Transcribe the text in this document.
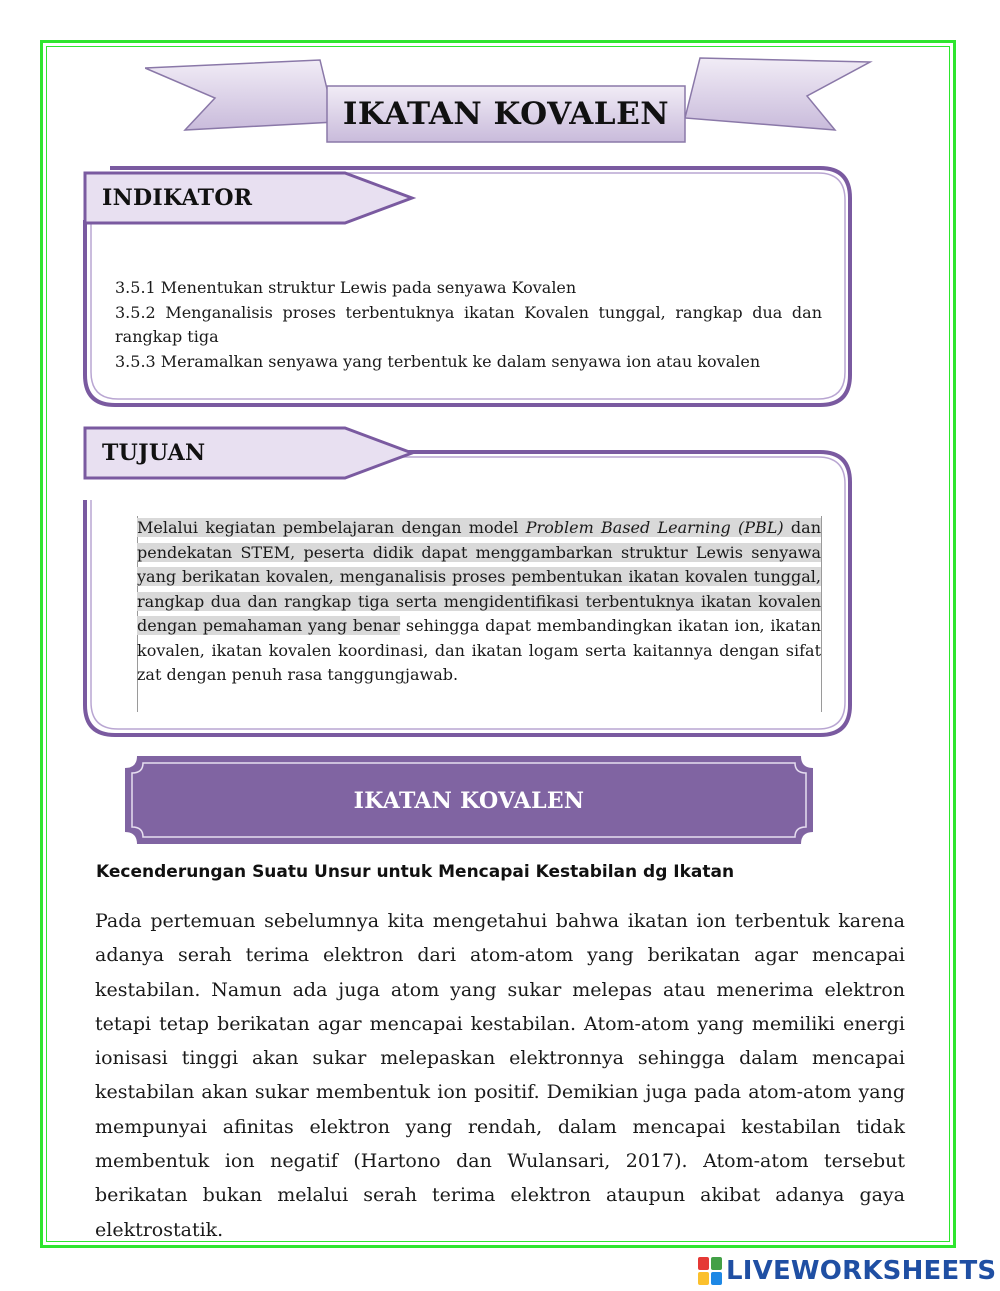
IKATAN KOVALEN
INDIKATOR
TUJUAN

3.5.1 Menentukan struktur Lewis pada senyawa Kovalen

3.5.2 Menganalisis proses terbentuknya ikatan Kovalen tunggal, rangkap dua dan rangkap tiga

3.5.3 Meramalkan senyawa yang terbentuk ke dalam senyawa ion atau kovalen

Melalui kegiatan pembelajaran dengan model Problem Based Learning (PBL) dan pendekatan STEM, peserta didik dapat menggambarkan struktur Lewis senyawa yang berikatan kovalen, menganalisis proses pembentukan ikatan kovalen tunggal, rangkap dua dan rangkap tiga serta mengidentifikasi terbentuknya ikatan kovalen dengan pemahaman yang benar sehingga dapat membandingkan ikatan ion, ikatan kovalen, ikatan kovalen koordinasi, dan ikatan logam serta kaitannya dengan sifat zat dengan penuh rasa tanggungjawab.
IKATAN KOVALEN
Kecenderungan Suatu Unsur untuk Mencapai Kestabilan dg Ikatan
Pada pertemuan sebelumnya kita mengetahui bahwa ikatan ion terbentuk karena adanya serah terima elektron dari atom-atom yang berikatan agar mencapai kestabilan. Namun ada juga atom yang sukar melepas atau menerima elektron tetapi tetap berikatan agar mencapai kestabilan. Atom-atom yang memiliki energi ionisasi tinggi akan sukar melepaskan elektronnya sehingga dalam mencapai kestabilan akan sukar membentuk ion positif. Demikian juga pada atom-atom yang mempunyai afinitas elektron yang rendah, dalam mencapai kestabilan tidak membentuk ion negatif (Hartono dan Wulansari, 2017). Atom-atom tersebut berikatan bukan melalui serah terima elektron ataupun akibat adanya gaya elektrostatik.
LIVEWORKSHEETS
